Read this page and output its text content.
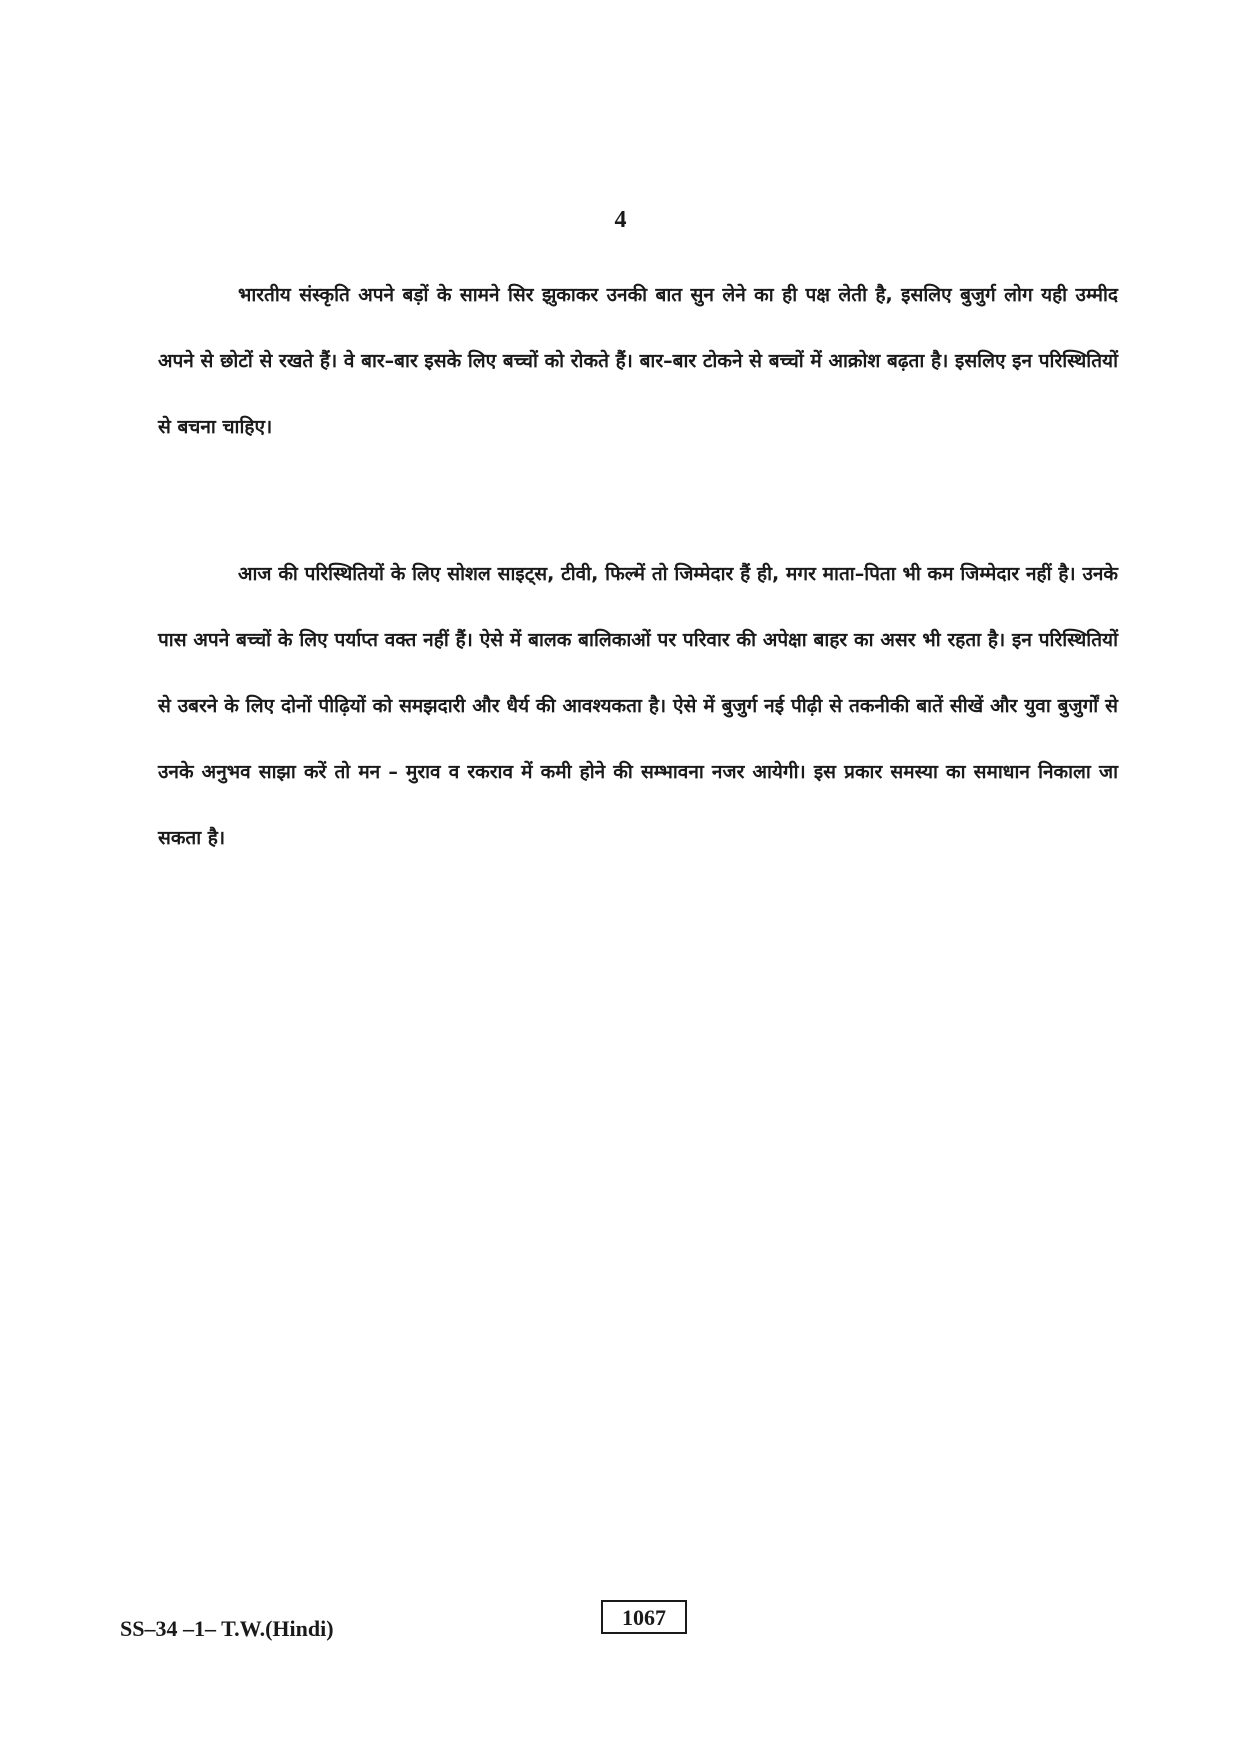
4

भारतीय संस्कृति अपने बड़ों के सामने सिर झुकाकर उनकी बात सुन लेने का ही पक्ष लेती है, इसलिए बुजुर्ग लोग यही उम्मीद अपने से छोटों से रखते हैं। वे बार–बार इसके लिए बच्चों को रोकते हैं। बार–बार टोकने से बच्चों में आक्रोश बढ़ता है। इसलिए इन परिस्थितियों से बचना चाहिए।

आज की परिस्थितियों के लिए सोशल साइट्स, टीवी, फिल्में तो जिम्मेदार हैं ही, मगर माता–पिता भी कम जिम्मेदार नहीं है। उनके पास अपने बच्चों के लिए पर्याप्त वक्त नहीं हैं। ऐसे में बालक बालिकाओं पर परिवार की अपेक्षा बाहर का असर भी रहता है। इन परिस्थितियों से उबरने के लिए दोनों पीढ़ियों को समझदारी और धैर्य की आवश्यकता है। ऐसे में बुजुर्ग नई पीढ़ी से तकनीकी बातें सीखें और युवा बुजुर्गों से उनके अनुभव साझा करें तो मन – मुराव व रकराव में कमी होने की सम्भावना नजर आयेगी। इस प्रकार समस्या का समाधान निकाला जा सकता है।

SS–34 –1– T.W.(Hindi)	1067
